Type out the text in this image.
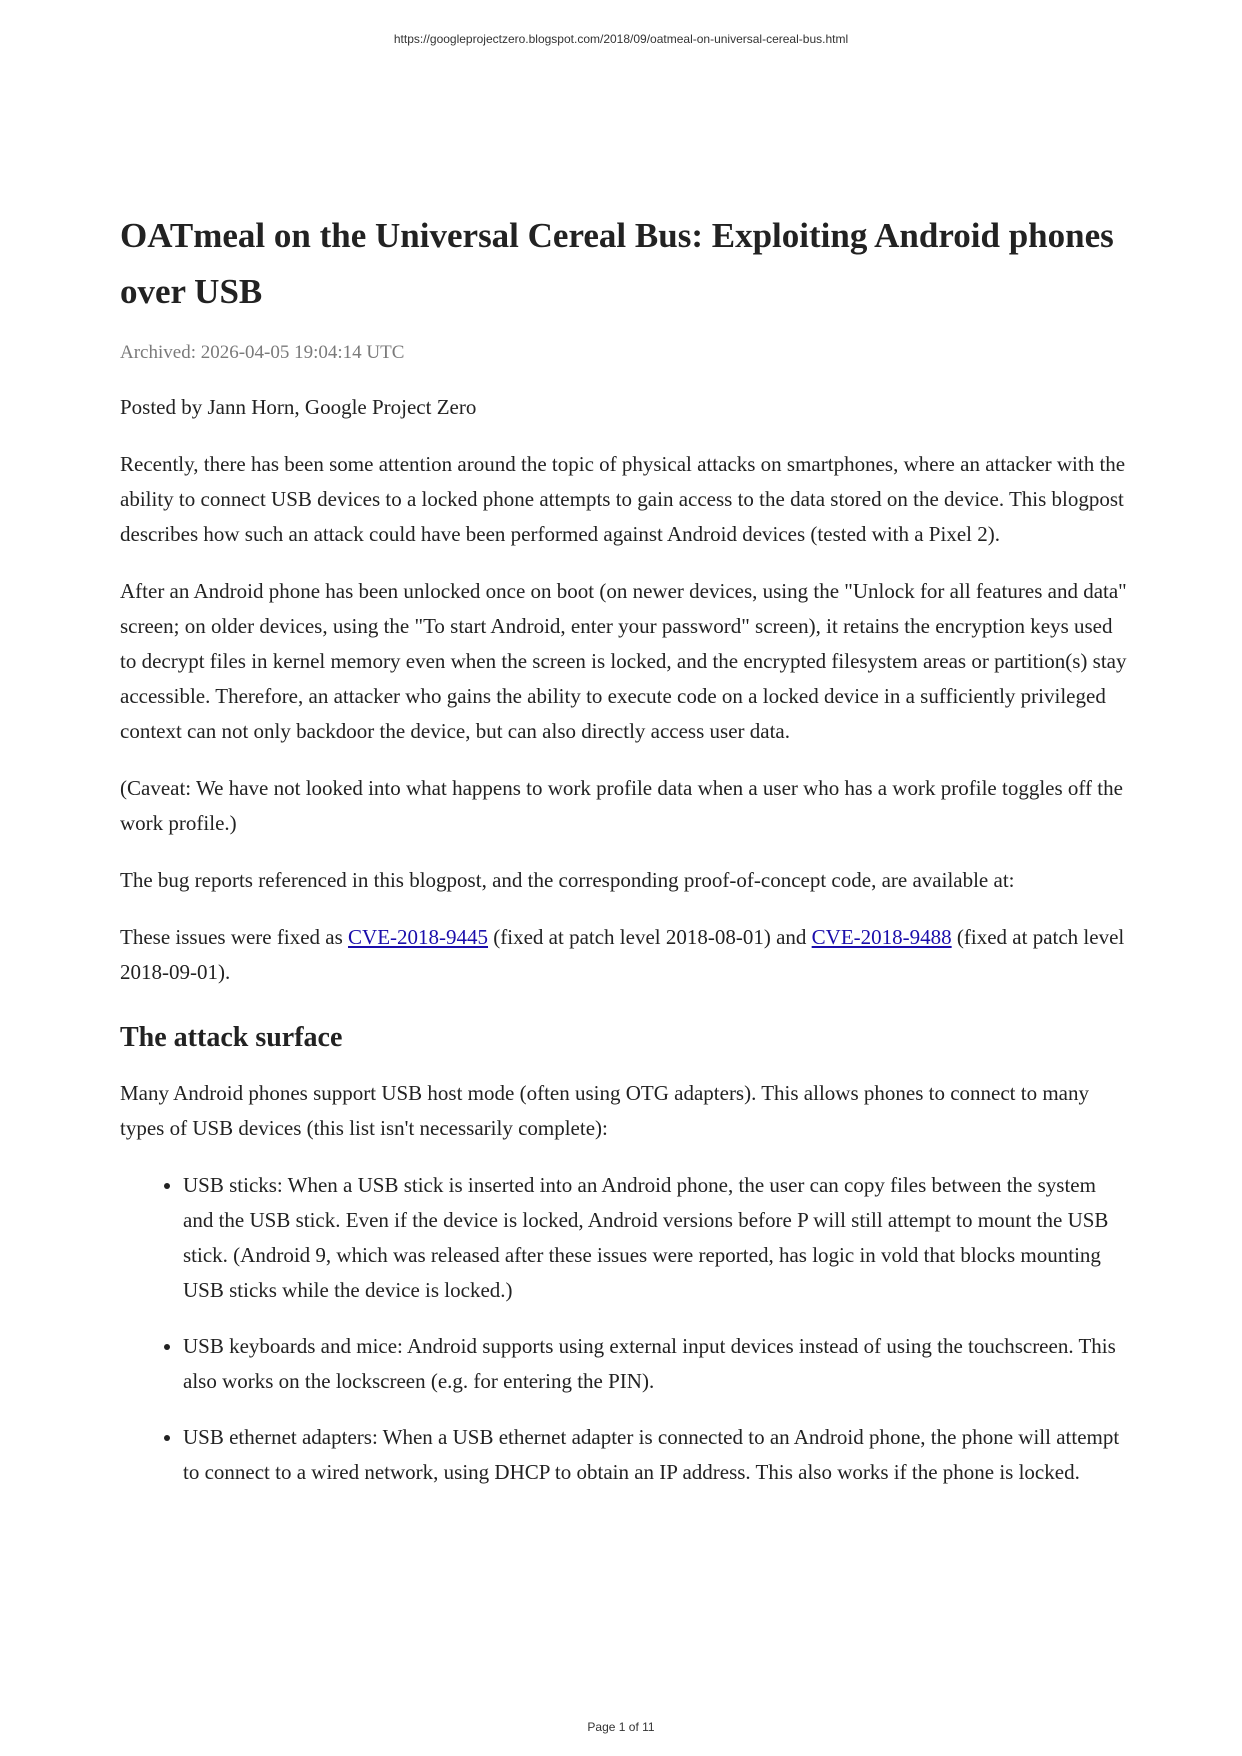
https://googleprojectzero.blogspot.com/2018/09/oatmeal-on-universal-cereal-bus.html
OATmeal on the Universal Cereal Bus: Exploiting Android phones over USB
Archived: 2026-04-05 19:04:14 UTC

Posted by Jann Horn, Google Project Zero

Recently, there has been some attention around the topic of physical attacks on smartphones, where an attacker with the ability to connect USB devices to a locked phone attempts to gain access to the data stored on the device. This blogpost describes how such an attack could have been performed against Android devices (tested with a Pixel 2).

After an Android phone has been unlocked once on boot (on newer devices, using the "Unlock for all features and data" screen; on older devices, using the "To start Android, enter your password" screen), it retains the encryption keys used to decrypt files in kernel memory even when the screen is locked, and the encrypted filesystem areas or partition(s) stay accessible. Therefore, an attacker who gains the ability to execute code on a locked device in a sufficiently privileged context can not only backdoor the device, but can also directly access user data.

(Caveat: We have not looked into what happens to work profile data when a user who has a work profile toggles off the work profile.)

The bug reports referenced in this blogpost, and the corresponding proof-of-concept code, are available at:

These issues were fixed as CVE-2018-9445 (fixed at patch level 2018-08-01) and CVE-2018-9488 (fixed at patch level 2018-09-01).

The attack surface

Many Android phones support USB host mode (often using OTG adapters). This allows phones to connect to many types of USB devices (this list isn't necessarily complete):

• USB sticks: When a USB stick is inserted into an Android phone, the user can copy files between the system and the USB stick. Even if the device is locked, Android versions before P will still attempt to mount the USB stick. (Android 9, which was released after these issues were reported, has logic in vold that blocks mounting USB sticks while the device is locked.)
• USB keyboards and mice: Android supports using external input devices instead of using the touchscreen. This also works on the lockscreen (e.g. for entering the PIN).
• USB ethernet adapters: When a USB ethernet adapter is connected to an Android phone, the phone will attempt to connect to a wired network, using DHCP to obtain an IP address. This also works if the phone is locked.
Page 1 of 11
